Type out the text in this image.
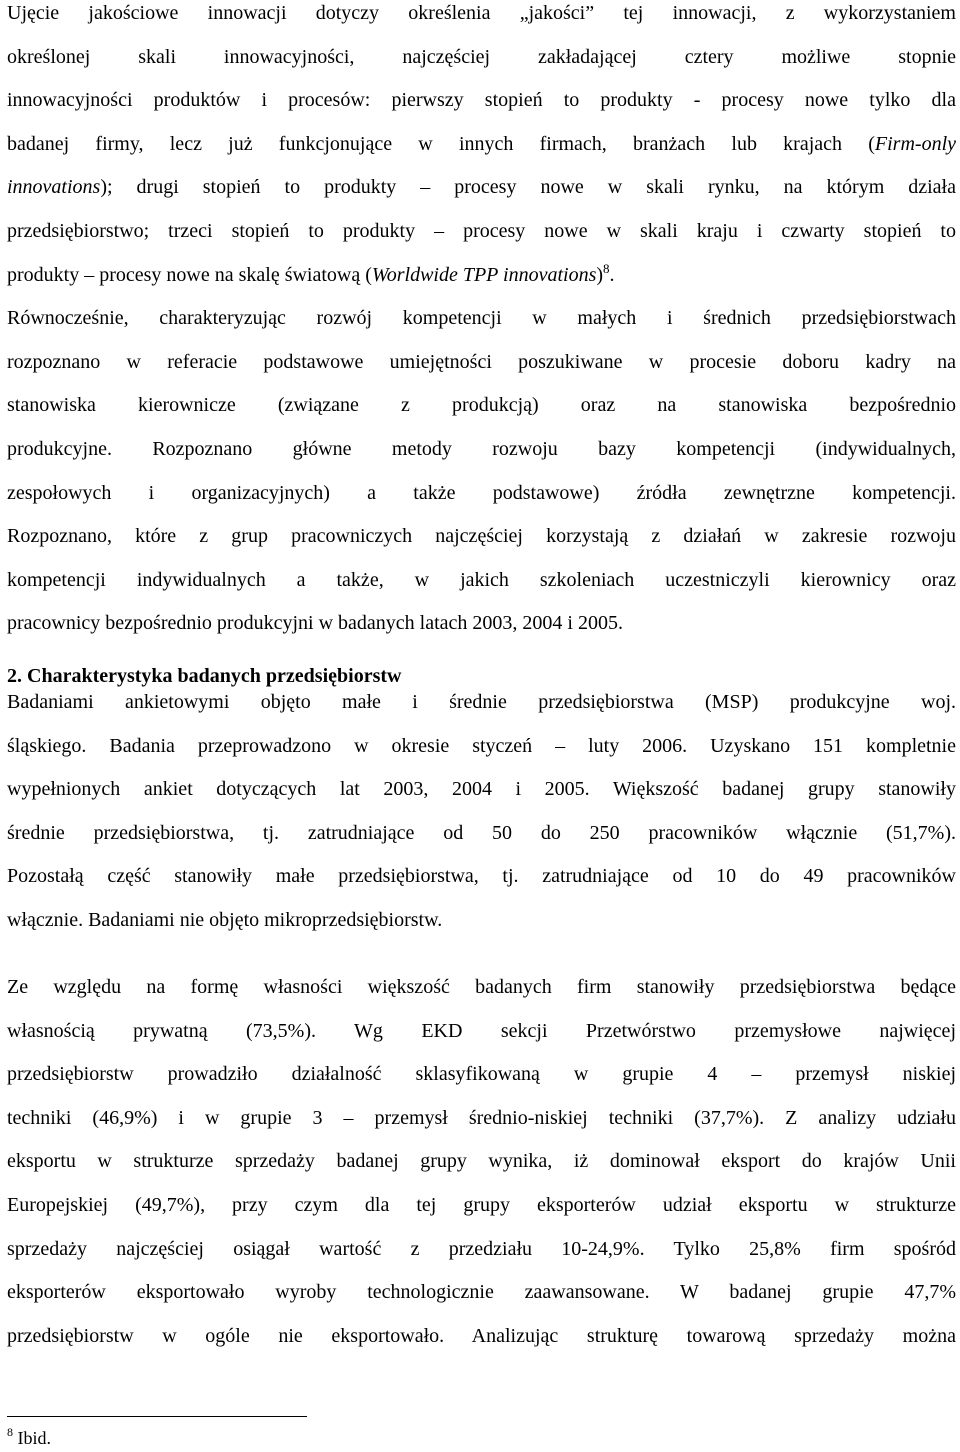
Ujęcie jakościowe innowacji dotyczy określenia „jakości” tej innowacji, z wykorzystaniem
określonej skali innowacyjności, najczęściej zakładającej cztery możliwe stopnie
innowacyjności produktów i procesów: pierwszy stopień to produkty - procesy nowe tylko dla
badanej firmy, lecz już funkcjonujące w innych firmach, branżach lub krajach (Firm-only
innovations); drugi stopień to produkty – procesy nowe w skali rynku, na którym działa
przedsiębiorstwo; trzeci stopień to produkty – procesy nowe w skali kraju i czwarty stopień to
produkty – procesy nowe na skalę światową (Worldwide TPP innovations)$^8$.
Równocześnie, charakteryzując rozwój kompetencji w małych i średnich przedsiębiorstwach
rozpoznano w referacie podstawowe umiejętności poszukiwane w procesie doboru kadry na
stanowiska kierownicze (związane z produkcją) oraz na stanowiska bezpośrednio
produkcyjne. Rozpoznano główne metody rozwoju bazy kompetencji (indywidualnych,
zespołowych i organizacyjnych) a także podstawowe) źródła zewnętrzne kompetencji.
Rozpoznano, które z grup pracowniczych najczęściej korzystają z działań w zakresie rozwoju
kompetencji indywidualnych a także, w jakich szkoleniach uczestniczyli kierownicy oraz
pracownicy bezpośrednio produkcyjni w badanych latach 2003, 2004 i 2005.
2. Charakterystyka badanych przedsiębiorstw
Badaniami ankietowymi objęto małe i średnie przedsiębiorstwa (MSP) produkcyjne woj.
śląskiego. Badania przeprowadzono w okresie styczeń – luty 2006. Uzyskano 151 kompletnie
wypełnionych ankiet dotyczących lat 2003, 2004 i 2005. Większość badanej grupy stanowiły
średnie przedsiębiorstwa, tj. zatrudniające od 50 do 250 pracowników włącznie (51,7%).
Pozostałą część stanowiły małe przedsiębiorstwa, tj. zatrudniające od 10 do 49 pracowników
włącznie. Badaniami nie objęto mikroprzedsiębiorstw.
Ze względu na formę własności większość badanych firm stanowiły przedsiębiorstwa będące
własnością prywatną (73,5%). Wg EKD sekcji Przetwórstwo przemysłowe najwięcej
przedsiębiorstw prowadziło działalność sklasyfikowaną w grupie 4 – przemysł niskiej
techniki (46,9%) i w grupie 3 – przemysł średnio-niskiej techniki (37,7%). Z analizy udziału
eksportu w strukturze sprzedaży badanej grupy wynika, iż dominował eksport do krajów Unii
Europejskiej (49,7%), przy czym dla tej grupy eksporterów udział eksportu w strukturze
sprzedaży najczęściej osiągał wartość z przedziału 10-24,9%. Tylko 25,8% firm spośród
eksporterów eksportowało wyroby technologicznie zaawansowane. W badanej grupie 47,7%
przedsiębiorstw w ogóle nie eksportowało. Analizując strukturę towarową sprzedaży można
$^8$ Ibid.
